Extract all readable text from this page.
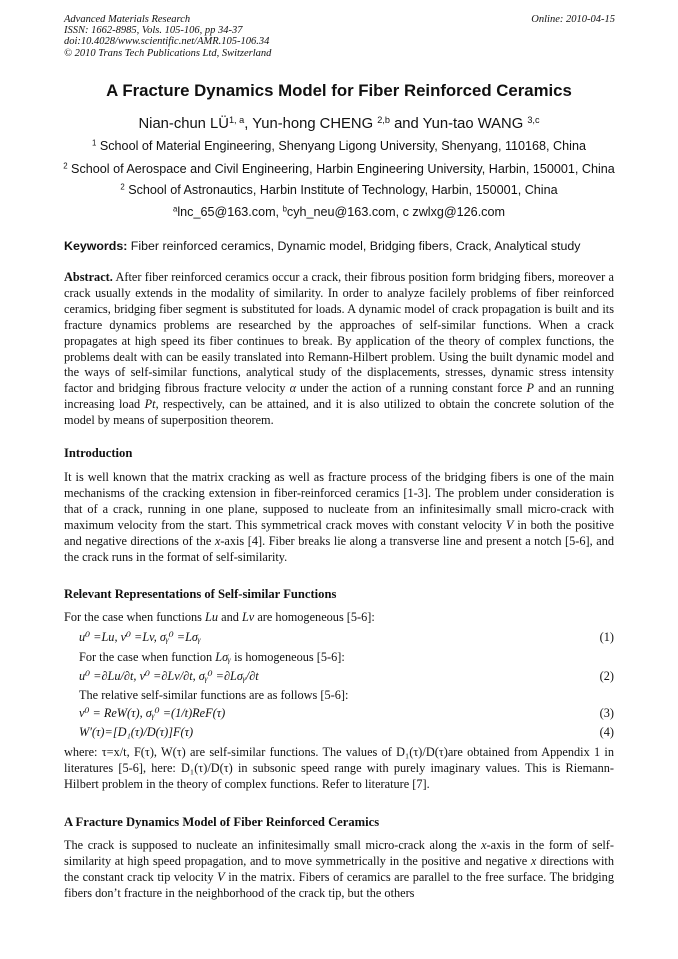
Advanced Materials Research
ISSN: 1662-8985, Vols. 105-106, pp 34-37
doi:10.4028/www.scientific.net/AMR.105-106.34
© 2010 Trans Tech Publications Ltd, Switzerland
Online: 2010-04-15
A Fracture Dynamics Model for Fiber Reinforced Ceramics
Nian-chun LÜ$^{1, a}$, Yun-hong CHENG $^{2,b}$ and Yun-tao WANG $^{3,c}$
$^1$ School of Material Engineering, Shenyang Ligong University, Shenyang, 110168, China
$^2$ School of Aerospace and Civil Engineering, Harbin Engineering University, Harbin, 150001, China
$^2$ School of Astronautics, Harbin Institute of Technology, Harbin, 150001, China
$^a$lnc_65@163.com, $^b$cyh_neu@163.com, c zwlxg@126.com
Keywords: Fiber reinforced ceramics, Dynamic model, Bridging fibers, Crack, Analytical study

Abstract. After fiber reinforced ceramics occur a crack, their fibrous position form bridging fibers, moreover a crack usually extends in the modality of similarity. In order to analyze facilely problems of fiber reinforced ceramics, bridging fiber segment is substituted for loads. A dynamic model of crack propagation is built and its fracture dynamics problems are researched by the approaches of self-similar functions. When a crack propagates at high speed its fiber continues to break. By application of the theory of complex functions, the problems dealt with can be easily translated into Remann-Hilbert problem. Using the built dynamic model and the ways of self-similar functions, analytical study of the displacements, stresses, dynamic stress intensity factor and bridging fibrous fracture velocity α under the action of a running constant force P and an running increasing load Pt, respectively, can be attained, and it is also utilized to obtain the concrete solution of the model by means of superposition theorem.

Introduction

It is well known that the matrix cracking as well as fracture process of the bridging fibers is one of the main mechanisms of the cracking extension in fiber-reinforced ceramics [1-3]. The problem under consideration is that of a crack, running in one plane, supposed to nucleate from an infinitesimally small micro-crack with maximum velocity from the start. This symmetrical crack moves with constant velocity V in both the positive and negative directions of the x-axis [4]. Fiber breaks lie along a transverse line and present a notch [5-6], and the crack runs in the format of self-similarity.

Relevant Representations of Self-similar Functions
For the case when functions Lu and Lv are homogeneous [5-6]:
u⁰ =Lu, v⁰ =Lv, σᵧ⁰ =Lσᵧ	(1)
For the case when function Lσᵧ is homogeneous [5-6]:
u⁰ =∂Lu/∂t, v⁰ =∂Lv/∂t, σᵧ⁰ =∂Lσᵧ/∂t	(2)
The relative self-similar functions are as follows [5-6]:
v⁰ = ReW(τ), σᵧ⁰ =(1/t)ReF(τ)	(3)
W′(τ)=[D₁(τ)/D(τ)]F(τ)	(4)

where: τ=x/t, F(τ), W(τ) are self-similar functions. The values of D₁(τ)/D(τ)are obtained from Appendix 1 in literatures [5-6], here: D₁(τ)/D(τ) in subsonic speed range with purely imaginary values. This is Riemann-Hilbert problem in the theory of complex functions. Refer to literature [7].

A Fracture Dynamics Model of Fiber Reinforced Ceramics

The crack is supposed to nucleate an infinitesimally small micro-crack along the x-axis in the form of self-similarity at high speed propagation, and to move symmetrically in the positive and negative x directions with the constant crack tip velocity V in the matrix. Fibers of ceramics are parallel to the free surface. The bridging fibers don’t fracture in the neighborhood of the crack tip, but the others
